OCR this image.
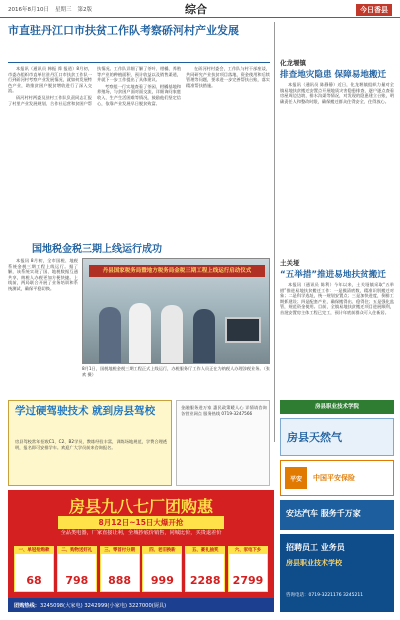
2016年8月10日 星期三 第2版	综合	今日香县
市直驻丹江口市扶贫工作队考察硚河村产业发展

本报讯（通讯员 韩振 舜 报道）8月初，市委办组织市直单位驻丹江口市扶贫工作队一行到硚河村考察产业发展情况，就如何发展特色产业，助推贫困户脱贫增收进行了深入交流。

硚河村村两委及驻村工作队负责同志汇报了村里产业发展规划、合作社运营和贫困户帮扶情况。工作队详细了解了茶叶、柑橘、养殖等产业的种植面积、预计收益以及销售渠道，并就下一步工作提出了具体建议。

考察组一行实地查看了茶园、柑橘基地和养殖场，与贫困户面对面交流，详细询问家庭收入、生产生活困难等情况，鼓励他们坚定信心，依靠产业发展早日脱贫致富。

在硚河村村委会，工作队与村干部座谈，共同研究产业扶贫项目落地、资金使用和后续管理等问题，要求进一步完善帮扶台账，落实精准帮扶措施。

国地税金税三期上线运行成功
本报讯 8月初，全市国税、地税系统金税三期工程上线运行。据了解，该系统实现了国、地税数据互通共享，纳税人办税更加方便快捷。上线前，两局联合开展了业务培训和系统测试，确保平稳切换。
丹县国家税务局暨地方税务局金税三期工程上线运行启动仪式
8月1日，国税地税金税三期工程正式上线运行，办税服务厅工作人员正在为纳税人办理涉税业务。（张欢 摄）
化龙堰镇
排查地灾隐患 保障易地搬迁
本报讯（通讯员 陈静静）近日，化龙堰镇组织力量对全镇易地扶贫搬迁安置点开展地质灾害隐患排查，逐户逐点查看房屋周边边坡、排水沟渠等情况，对发现的隐患建立台账，明确责任人和整改时限，确保搬迁群众住得安全、住得放心。
土关垭
“五举措”推进易地扶贫搬迁
本报讯（通讯员 陈利）今年以来，土关垭镇采取“五举措”推进易地扶贫搬迁工作：一是摸清底数，精准识别搬迁对象；二是科学选址，统一规划安置点；三是加快进度，倒排工期抓建设；四是配套产业，确保搬得出、稳得住；五是强化监管，规范资金使用。目前，全镇易地扶贫搬迁项目进展顺利，首批安置房主体工程已完工，预计年底前群众可入住新居。
房县职业技术学院
学过硬驾驶技术 就到房县驾校
房县驾校常年招收C1、C2、B2学员，教练经验丰富，训练场地规范，学费合理透明，报名即可安排学车。欢迎广大学员前来咨询报名。
金融服务进万家 惠民政策暖人心 详情请咨询各营业网点 服务热线 0719-3247566
房县天然气
平安	中国平安保险
安达汽车 服务千万家
招聘员工 业务员
房县职业技术学校
咨询电话：0719-3221176 3245211
房县九八七厂团购惠
8月12日~15日大爆开抢
全品类电器，厂家直接让利，全城抄底价销售，同城比价，买贵退差价
一、单冠抢购款
68
二、购物送好礼
798
三、零首付分期
888
四、老旧换新
999
五、豪礼抽奖
2288
六、家电下乡
2799
团购热线： 3245098(大家电) 3242999(小家电) 3227000(厨具)
